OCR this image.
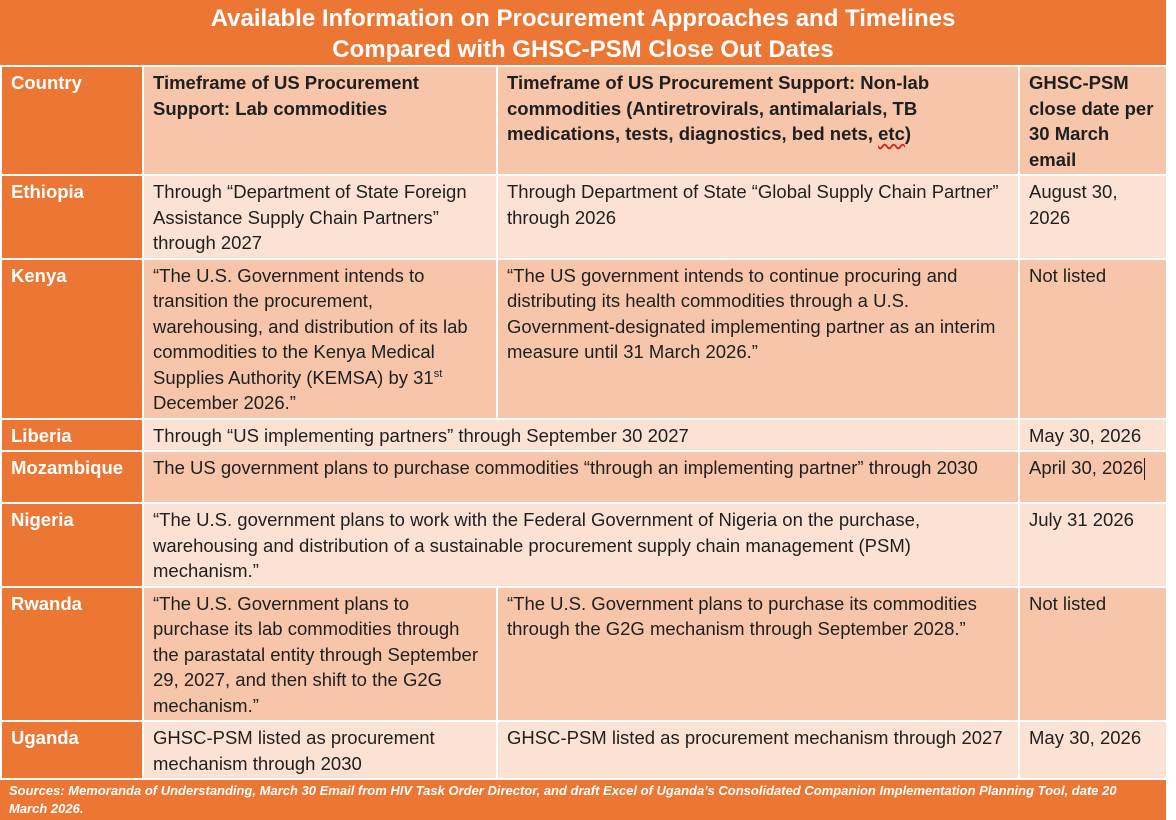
Available Information on Procurement Approaches and Timelines
Compared with GHSC-PSM Close Out Dates
Country	Timeframe of US Procurement Support: Lab commodities	Timeframe of US Procurement Support: Non-lab commodities (Antiretrovirals, antimalarials, TB medications, tests, diagnostics, bed nets, etc)	GHSC-PSM close date per 30 March email
Ethiopia	Through “Department of State Foreign Assistance Supply Chain Partners” through 2027	Through Department of State “Global Supply Chain Partner” through 2026	August 30, 2026
Kenya	“The U.S. Government intends to transition the procurement, warehousing, and distribution of its lab commodities to the Kenya Medical Supplies Authority (KEMSA) by 31st December 2026.”	“The US government intends to continue procuring and distributing its health commodities through a U.S. Government-designated implementing partner as an interim measure until 31 March 2026.”	Not listed
Liberia	Through “US implementing partners” through September 30 2027		May 30, 2026
Mozambique	The US government plans to purchase commodities “through an implementing partner” through 2030		April 30, 2026
Nigeria	“The U.S. government plans to work with the Federal Government of Nigeria on the purchase, warehousing and distribution of a sustainable procurement supply chain management (PSM) mechanism.”		July 31 2026
Rwanda	“The U.S. Government plans to purchase its lab commodities through the parastatal entity through September 29, 2027, and then shift to the G2G mechanism.”	“The U.S. Government plans to purchase its commodities through the G2G mechanism through September 2028.”	Not listed
Uganda	GHSC-PSM listed as procurement mechanism through 2030	GHSC-PSM listed as procurement mechanism through 2027	May 30, 2026
Sources: Memoranda of Understanding, March 30 Email from HIV Task Order Director, and draft Excel of Uganda’s Consolidated Companion Implementation Planning Tool, date 20 March 2026.
